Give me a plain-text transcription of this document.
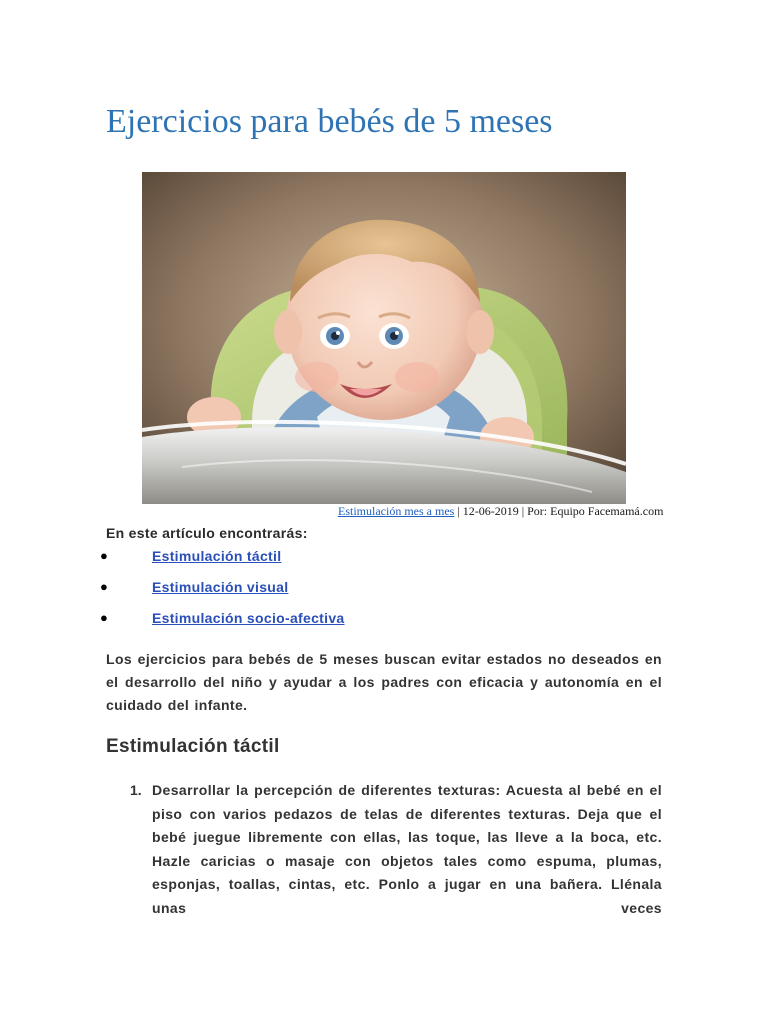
Ejercicios para bebés de 5 meses
Estimulación mes a mes | 12-06-2019 | Por: Equipo Facemamá.com
En este artículo encontrarás:
●	Estimulación táctil
●	Estimulación visual
●	Estimulación socio-afectiva

Los ejercicios para bebés de 5 meses buscan evitar estados no deseados en el desarrollo del niño y ayudar a los padres con eficacia y autonomía en el cuidado del infante.

Estimulación táctil
1. Desarrollar la percepción de diferentes texturas: Acuesta al bebé en el piso con varios pedazos de telas de diferentes texturas. Deja que el bebé juegue libremente con ellas, las toque, las lleve a la boca, etc. Hazle caricias o masaje con objetos tales como espuma, plumas, esponjas, toallas, cintas, etc. Ponlo a jugar en una bañera. Llénala unas veces
